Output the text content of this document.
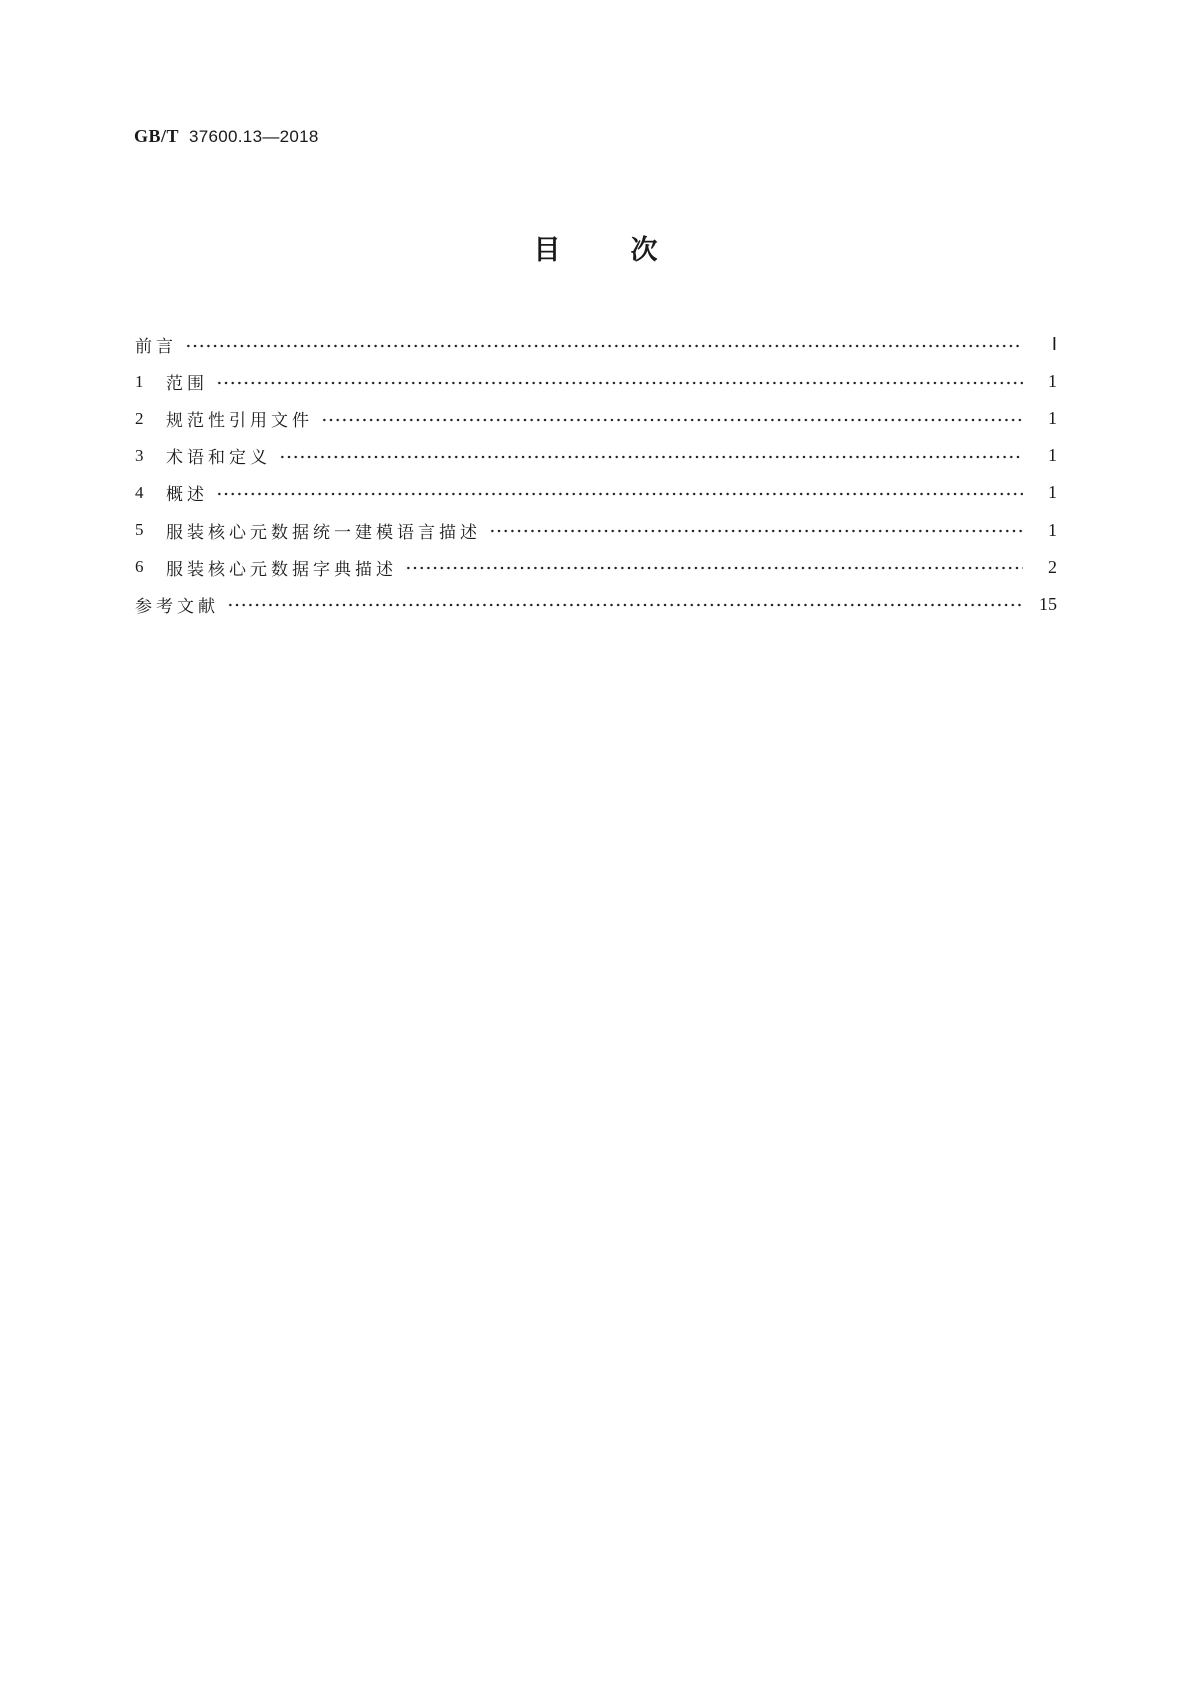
GB/T 37600.13—2018
目	次
前言	Ⅰ
1	范围	1
2	规范性引用文件	1
3	术语和定义	1
4	概述	1
5	服装核心元数据统一建模语言描述	1
6	服装核心元数据字典描述	2
参考文献	15
